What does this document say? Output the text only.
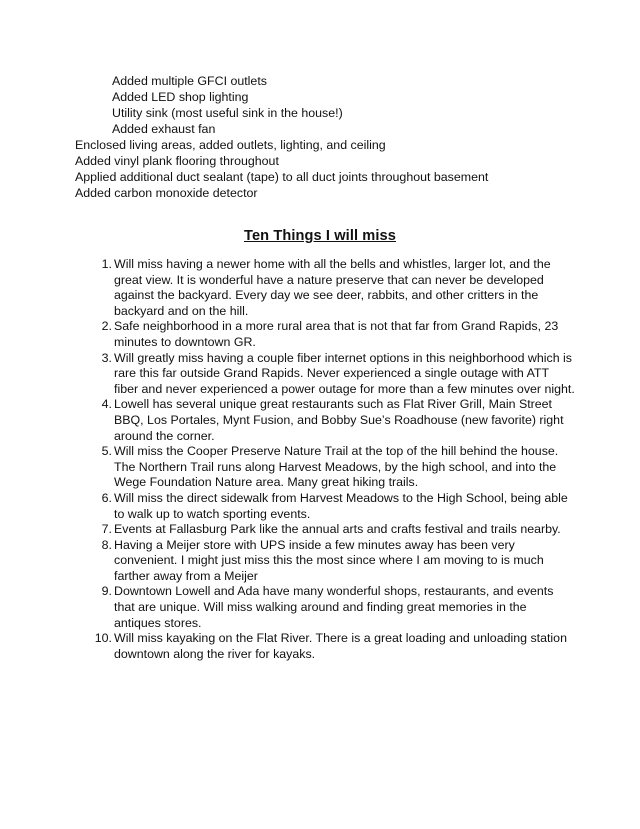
Added multiple GFCI outlets
Added LED shop lighting
Utility sink (most useful sink in the house!)
Added exhaust fan
Enclosed living areas, added outlets, lighting, and ceiling
Added vinyl plank flooring throughout
Applied additional duct sealant (tape) to all duct joints throughout basement
Added carbon monoxide detector
Ten Things I will miss
1. Will miss having a newer home with all the bells and whistles, larger lot, and the great view. It is wonderful have a nature preserve that can never be developed against the backyard. Every day we see deer, rabbits, and other critters in the backyard and on the hill.
2. Safe neighborhood in a more rural area that is not that far from Grand Rapids, 23 minutes to downtown GR.
3. Will greatly miss having a couple fiber internet options in this neighborhood which is rare this far outside Grand Rapids. Never experienced a single outage with ATT fiber and never experienced a power outage for more than a few minutes over night.
4. Lowell has several unique great restaurants such as Flat River Grill, Main Street BBQ, Los Portales, Mynt Fusion, and Bobby Sue’s Roadhouse (new favorite) right around the corner.
5. Will miss the Cooper Preserve Nature Trail at the top of the hill behind the house. The Northern Trail runs along Harvest Meadows, by the high school, and into the Wege Foundation Nature area. Many great hiking trails.
6. Will miss the direct sidewalk from Harvest Meadows to the High School, being able to walk up to watch sporting events.
7. Events at Fallasburg Park like the annual arts and crafts festival and trails nearby.
8. Having a Meijer store with UPS inside a few minutes away has been very convenient. I might just miss this the most since where I am moving to is much farther away from a Meijer
9. Downtown Lowell and Ada have many wonderful shops, restaurants, and events that are unique. Will miss walking around and finding great memories in the antiques stores.
10. Will miss kayaking on the Flat River. There is a great loading and unloading station downtown along the river for kayaks.
